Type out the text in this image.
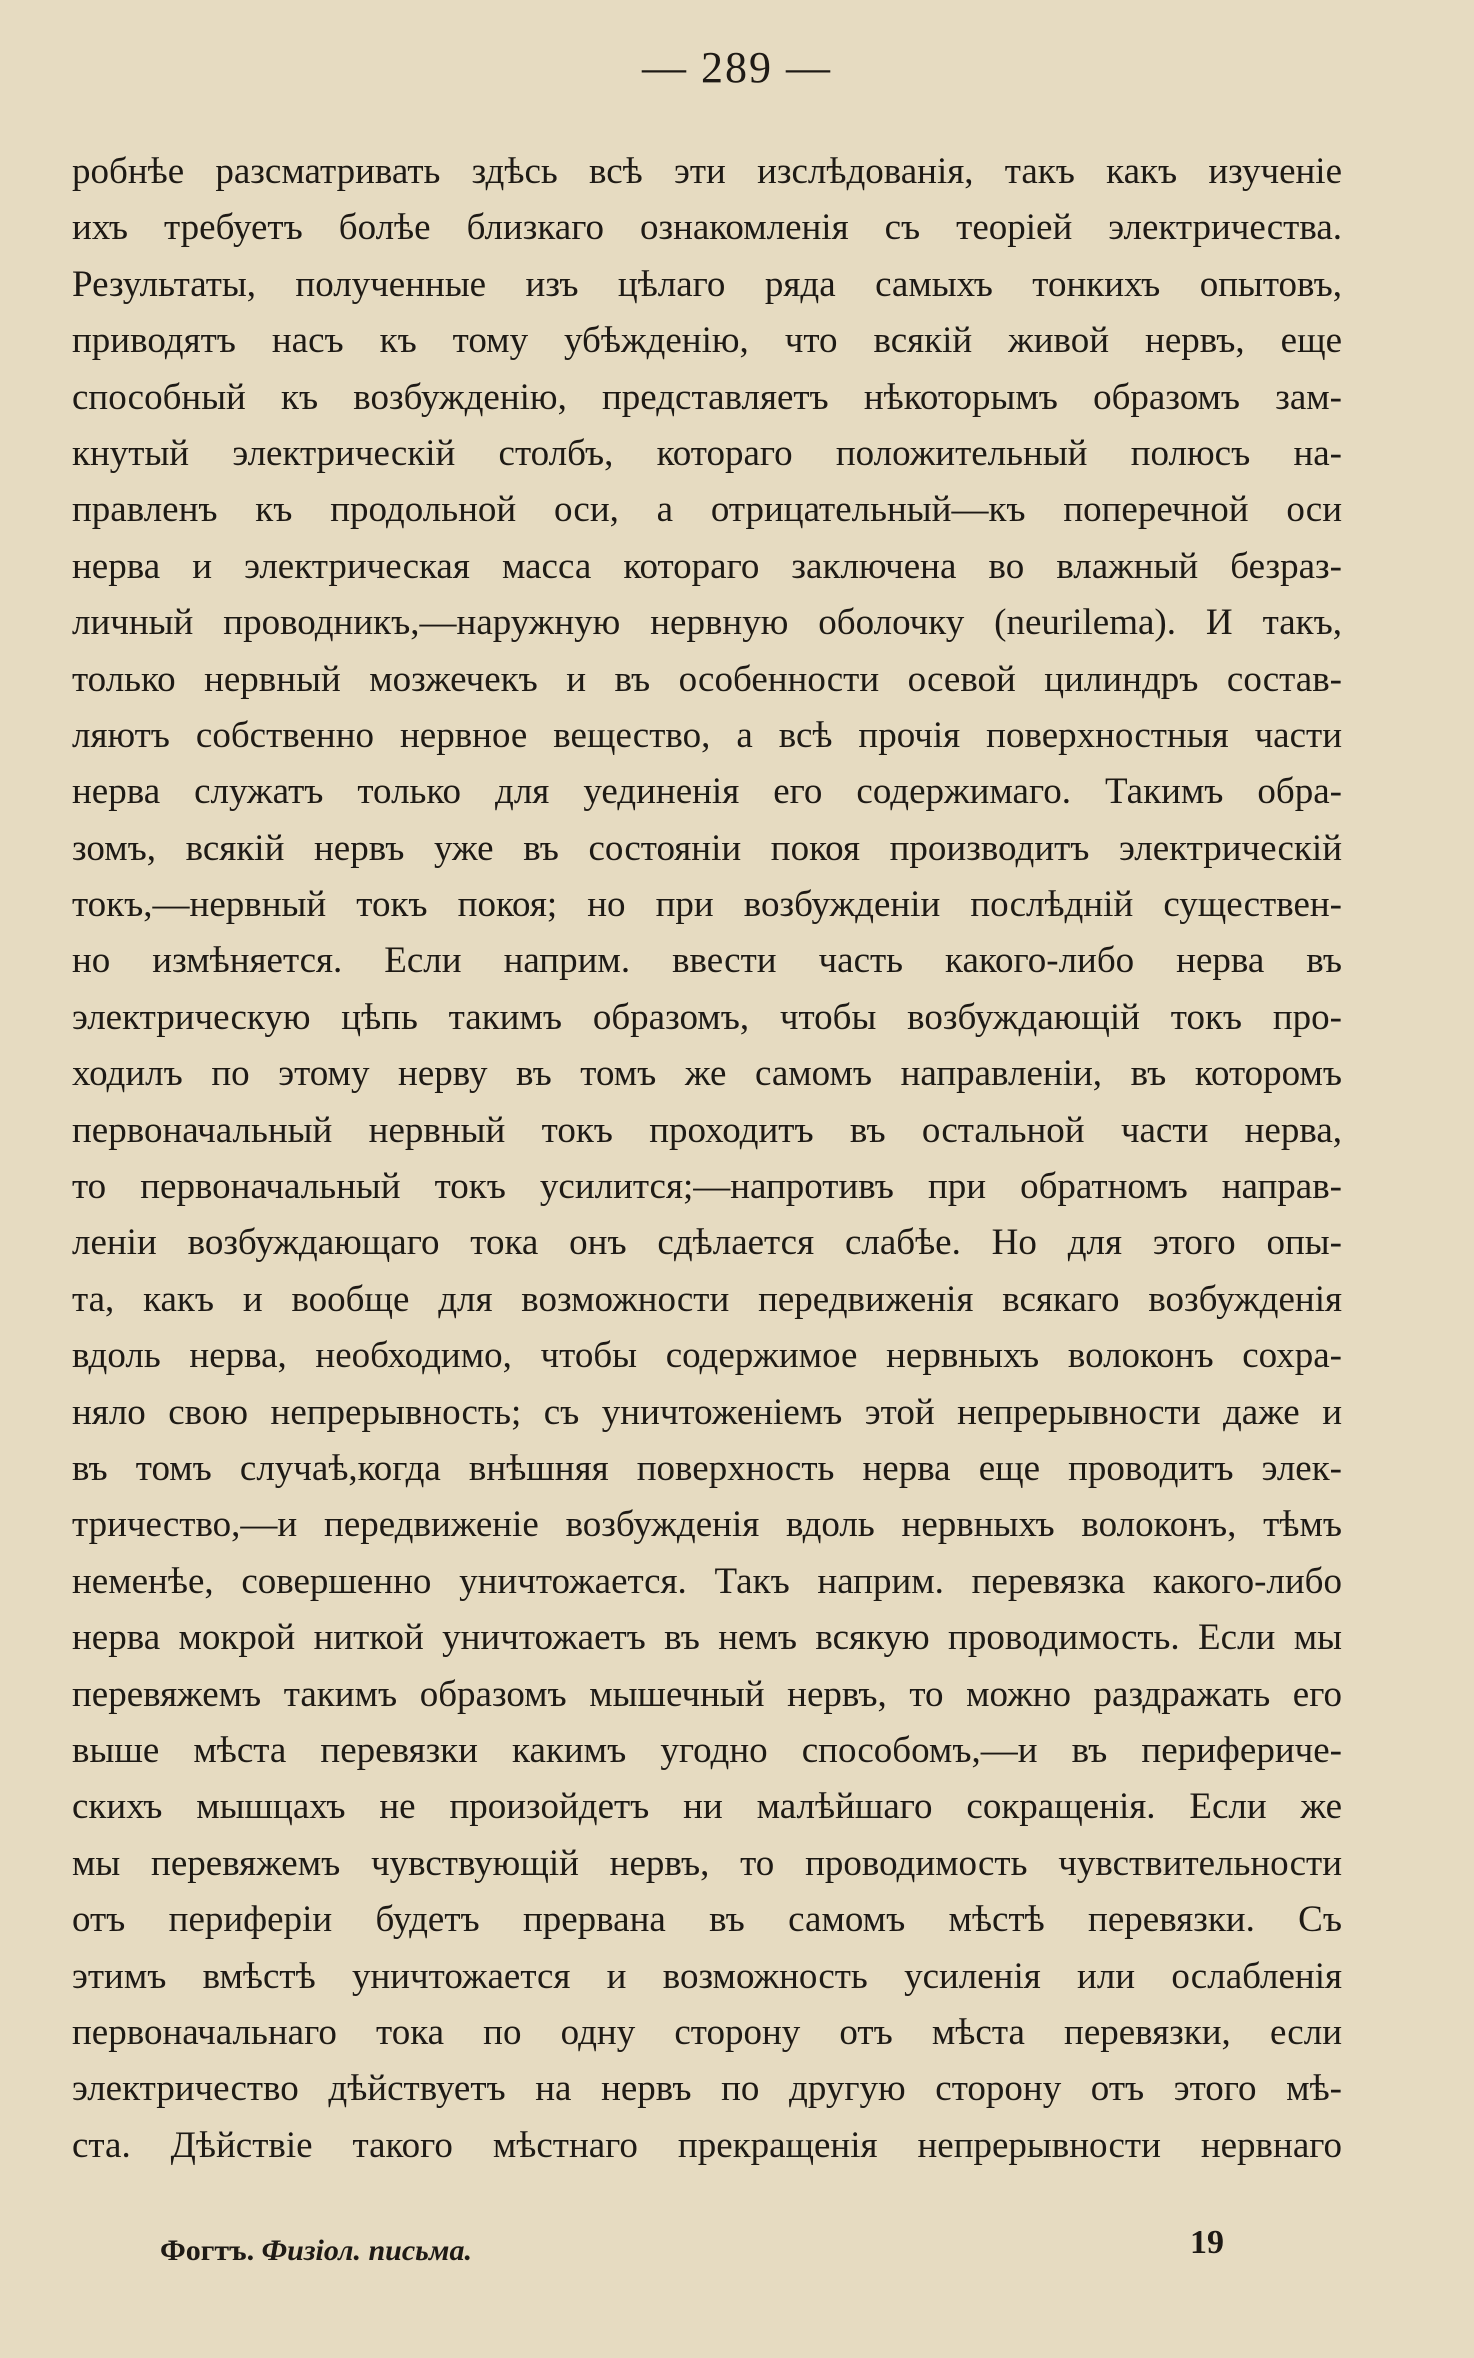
— 289 —
робнѣе разсматривать здѣсь всѣ эти изслѣдованія, такъ какъ изученіе
ихъ требуетъ болѣе близкаго ознакомленія съ теоріей электричества.
Результаты, полученные изъ цѣлаго ряда самыхъ тонкихъ опытовъ,
приводятъ насъ къ тому убѣжденію, что всякій живой нервъ, еще
способный къ возбужденію, представляетъ нѣкоторымъ образомъ зам-
кнутый электрическій столбъ, котораго положительный полюсъ на-
правленъ къ продольной оси, а отрицательный—къ поперечной оси
нерва и электрическая масса котораго заключена во влажный безраз-
личный проводникъ,—наружную нервную оболочку (neurilema). И такъ,
только нервный мозжечекъ и въ особенности осевой цилиндръ состав-
ляютъ собственно нервное вещество, а всѣ прочія поверхностныя части
нерва служатъ только для уединенія его содержимаго. Такимъ обра-
зомъ, всякій нервъ уже въ состояніи покоя производитъ электрическій
токъ,—нервный токъ покоя; но при возбужденіи послѣдній существен-
но измѣняется. Если наприм. ввести часть какого-либо нерва въ
электрическую цѣпь такимъ образомъ, чтобы возбуждающій токъ про-
ходилъ по этому нерву въ томъ же самомъ направленіи, въ которомъ
первоначальный нервный токъ проходитъ въ остальной части нерва,
то первоначальный токъ усилится;—напротивъ при обратномъ направ-
леніи возбуждающаго тока онъ сдѣлается слабѣе. Но для этого опы-
та, какъ и вообще для возможности передвиженія всякаго возбужденія
вдоль нерва, необходимо, чтобы содержимое нервныхъ волоконъ сохра-
няло свою непрерывность; съ уничтоженіемъ этой непрерывности даже и
въ томъ случаѣ,когда внѣшняя поверхность нерва еще проводитъ элек-
тричество,—и передвиженіе возбужденія вдоль нервныхъ волоконъ, тѣмъ
неменѣе, совершенно уничтожается. Такъ наприм. перевязка какого-либо
нерва мокрой ниткой уничтожаетъ въ немъ всякую проводимость. Если мы
перевяжемъ такимъ образомъ мышечный нервъ, то можно раздражать его
выше мѣста перевязки какимъ угодно способомъ,—и въ перифериче-
скихъ мышцахъ не произойдетъ ни малѣйшаго сокращенія. Если же
мы перевяжемъ чувствующій нервъ, то проводимость чувствительности
отъ периферіи будетъ прервана въ самомъ мѣстѣ перевязки. Съ
этимъ вмѣстѣ уничтожается и возможность усиленія или ослабленія
первоначальнаго тока по одну сторону отъ мѣста перевязки, если
электричество дѣйствуетъ на нервъ по другую сторону отъ этого мѣ-
ста. Дѣйствіе такого мѣстнаго прекращенія непрерывности нервнаго
Фогтъ. Физіол. письма.	19
